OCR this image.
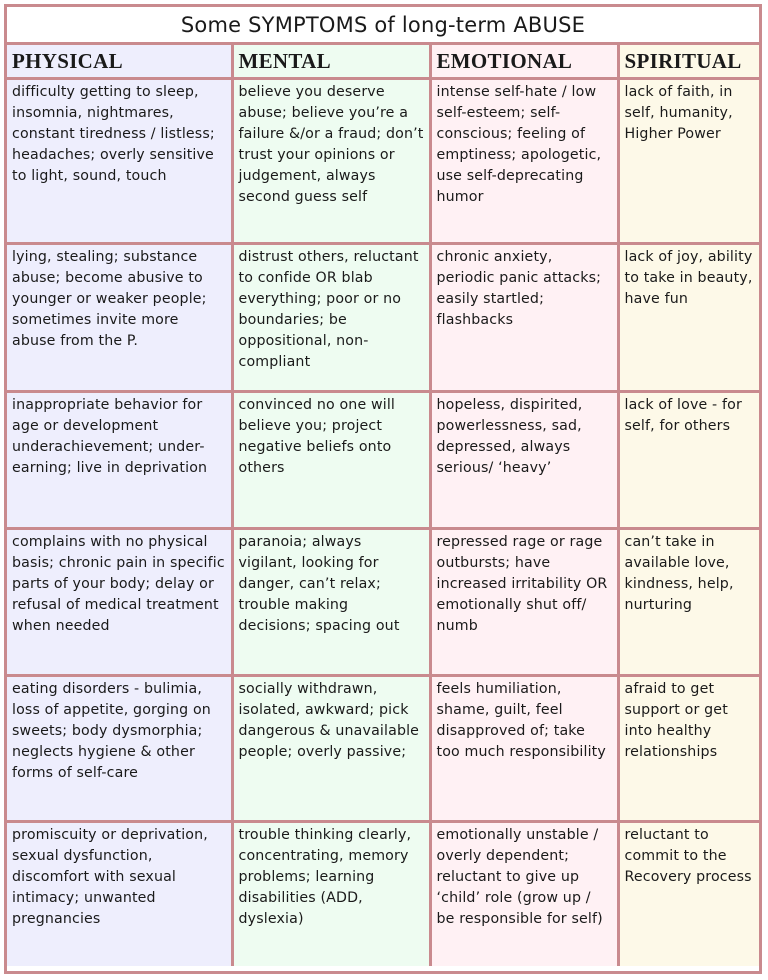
Some SYMPTOMS of long-term ABUSE
PHYSICAL	MENTAL	EMOTIONAL	SPIRITUAL
difficulty getting to sleep, insomnia, nightmares, constant tiredness / listless; headaches; overly sensitive to light, sound, touch	believe you deserve abuse; believe you’re a failure &/or a fraud; don’t trust your opinions or judgement, always second guess self	intense self-hate / low self-esteem; self-conscious; feeling of emptiness; apologetic, use self-deprecating humor	lack of faith, in self, humanity, Higher Power
lying, stealing; substance abuse; become abusive to younger or weaker people; sometimes invite more abuse from the P.	distrust others, reluctant to confide OR blab everything; poor or no boundaries; be oppositional, non-compliant	chronic anxiety, periodic panic attacks; easily startled; flashbacks	lack of joy, ability to take in beauty, have fun
inappropriate behavior for age or development underachievement; under-earning; live in deprivation	convinced no one will believe you; project negative beliefs onto others	hopeless, dispirited, powerlessness, sad, depressed, always serious/ ‘heavy’	lack of love - for self, for others
complains with no physical basis; chronic pain in specific parts of your body; delay or refusal of medical treatment when needed	paranoia; always vigilant, looking for danger, can’t relax; trouble making decisions; spacing out	repressed rage or rage outbursts; have increased irritability OR emotionally shut off/ numb	can’t take in available love, kindness, help, nurturing
eating disorders - bulimia, loss of appetite, gorging on sweets; body dysmorphia; neglects hygiene & other forms of self-care	socially withdrawn, isolated, awkward; pick dangerous & unavailable people; overly passive;	feels humiliation, shame, guilt, feel disapproved of; take too much responsibility	afraid to get support or get into healthy relationships
promiscuity or deprivation, sexual dysfunction, discomfort with sexual intimacy; unwanted pregnancies	trouble thinking clearly, concentrating, memory problems; learning disabilities (ADD, dyslexia)	emotionally unstable / overly dependent; reluctant to give up ‘child’ role (grow up / be responsible for self)	reluctant to commit to the Recovery process
